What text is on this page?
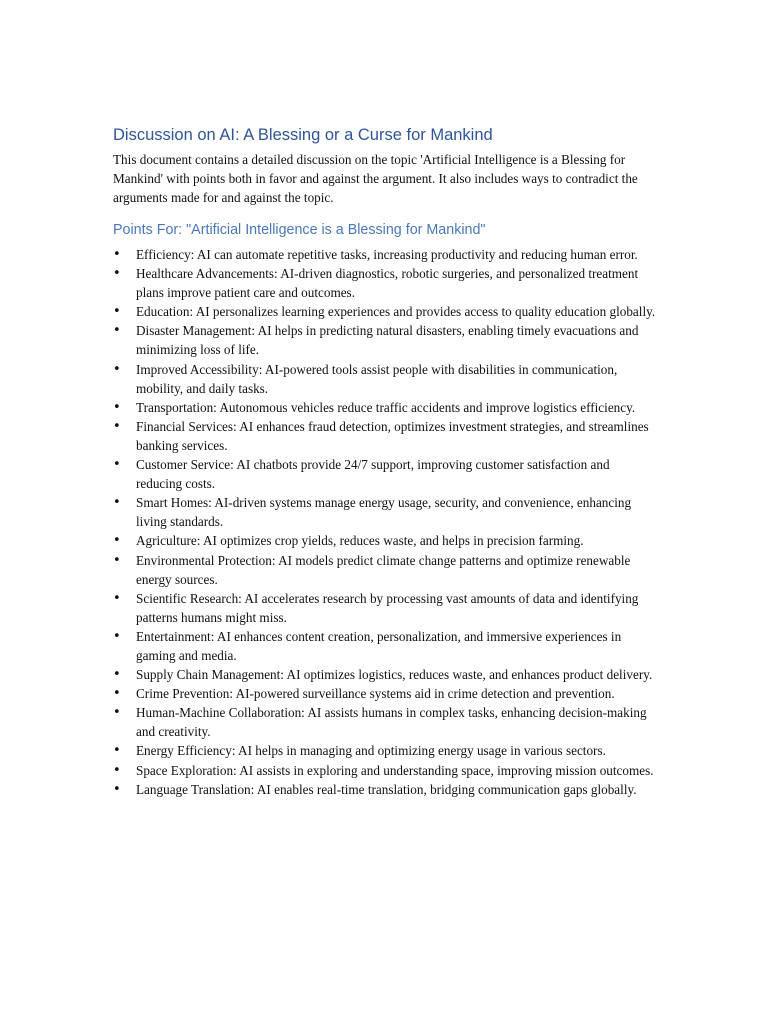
Discussion on AI: A Blessing or a Curse for Mankind

This document contains a detailed discussion on the topic 'Artificial Intelligence is a Blessing for Mankind' with points both in favor and against the argument. It also includes ways to contradict the arguments made for and against the topic.

Points For: "Artificial Intelligence is a Blessing for Mankind"
• Efficiency: AI can automate repetitive tasks, increasing productivity and reducing human error.
• Healthcare Advancements: AI-driven diagnostics, robotic surgeries, and personalized treatment plans improve patient care and outcomes.
• Education: AI personalizes learning experiences and provides access to quality education globally.
• Disaster Management: AI helps in predicting natural disasters, enabling timely evacuations and minimizing loss of life.
• Improved Accessibility: AI-powered tools assist people with disabilities in communication, mobility, and daily tasks.
• Transportation: Autonomous vehicles reduce traffic accidents and improve logistics efficiency.
• Financial Services: AI enhances fraud detection, optimizes investment strategies, and streamlines banking services.
• Customer Service: AI chatbots provide 24/7 support, improving customer satisfaction and reducing costs.
• Smart Homes: AI-driven systems manage energy usage, security, and convenience, enhancing living standards.
• Agriculture: AI optimizes crop yields, reduces waste, and helps in precision farming.
• Environmental Protection: AI models predict climate change patterns and optimize renewable energy sources.
• Scientific Research: AI accelerates research by processing vast amounts of data and identifying patterns humans might miss.
• Entertainment: AI enhances content creation, personalization, and immersive experiences in gaming and media.
• Supply Chain Management: AI optimizes logistics, reduces waste, and enhances product delivery.
• Crime Prevention: AI-powered surveillance systems aid in crime detection and prevention.
• Human-Machine Collaboration: AI assists humans in complex tasks, enhancing decision-making and creativity.
• Energy Efficiency: AI helps in managing and optimizing energy usage in various sectors.
• Space Exploration: AI assists in exploring and understanding space, improving mission outcomes.
• Language Translation: AI enables real-time translation, bridging communication gaps globally.
